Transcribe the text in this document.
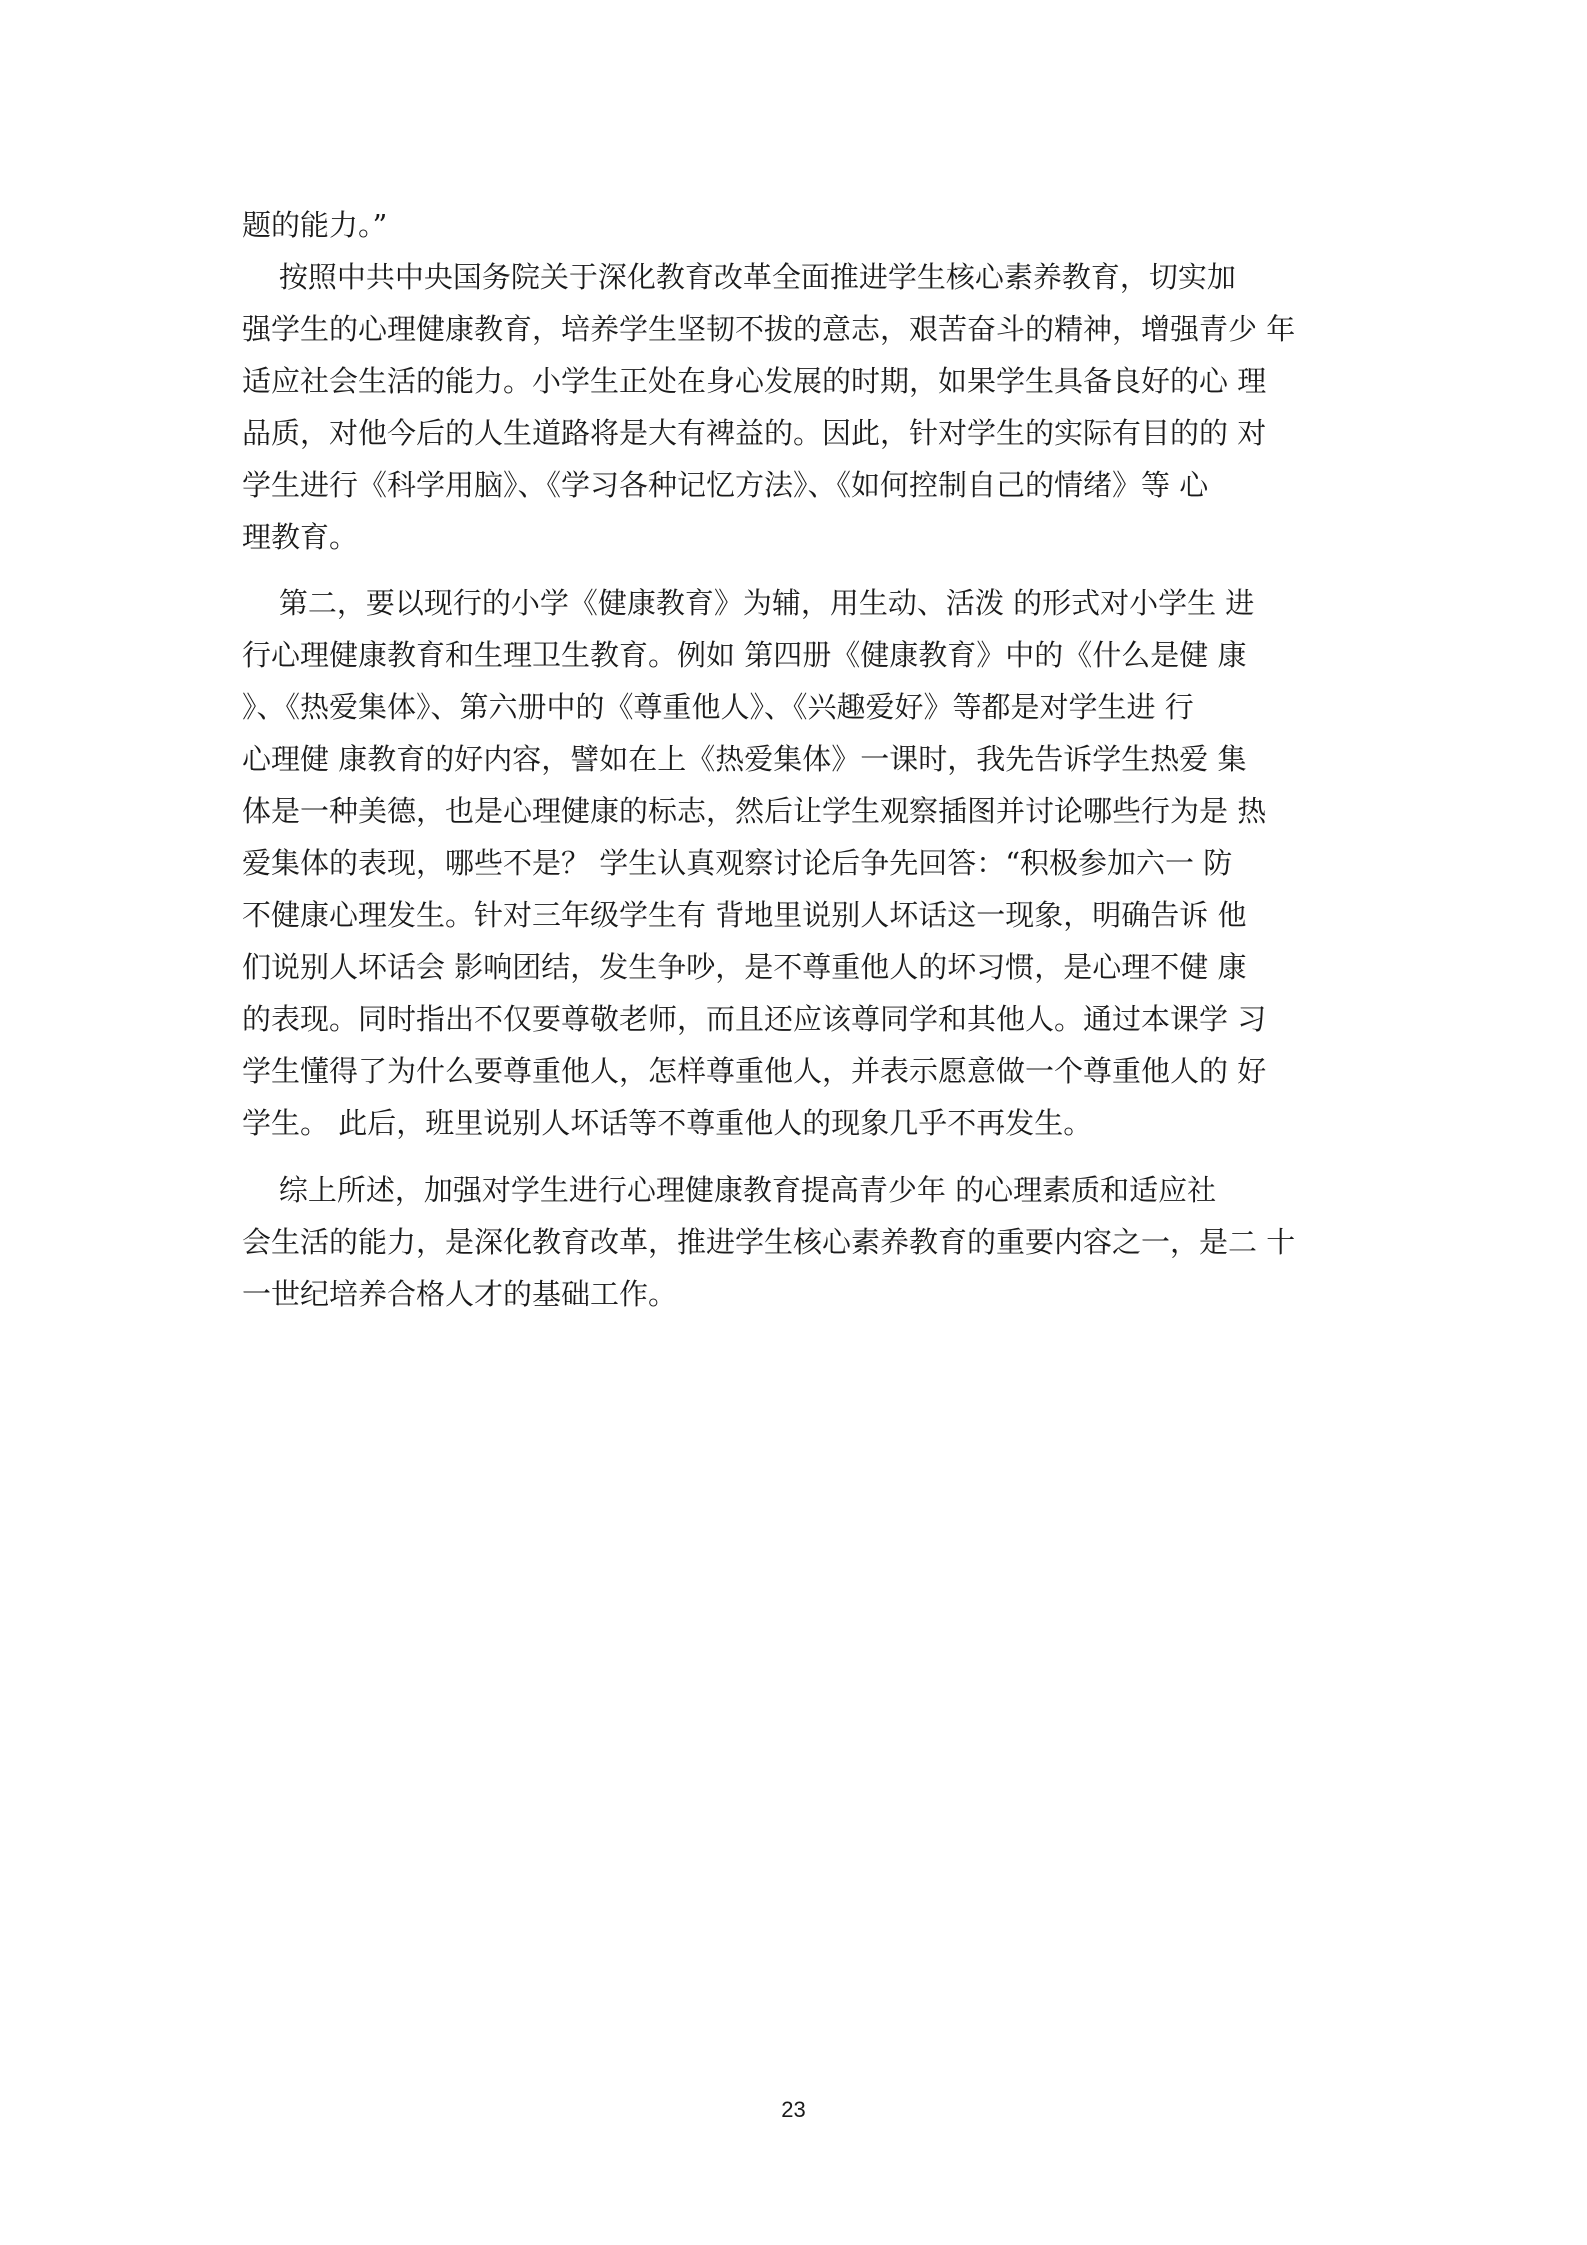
题的能力。”
按照中共中央国务院关于深化教育改革全面推进学生核心素养教育，切实加
强学生的心理健康教育，培养学生坚韧不拔的意志，艰苦奋斗的精神，增强青少 年
适应社会生活的能力。小学生正处在身心发展的时期，如果学生具备良好的心 理
品质，对他今后的人生道路将是大有裨益的。因此，针对学生的实际有目的的 对
学生进行《科学用脑》、《学习各种记忆方法》、《如何控制自己的情绪》等 心
理教育。
第二，要以现行的小学《健康教育》为辅，用生动、活泼 的形式对小学生 进
行心理健康教育和生理卫生教育。例如 第四册《健康教育》中的《什么是健 康
》、《热爱集体》、第六册中的《尊重他人》、《兴趣爱好》等都是对学生进 行
心理健 康教育的好内容，譬如在上《热爱集体》一课时，我先告诉学生热爱 集
体是一种美德，也是心理健康的标志，然后让学生观察插图并讨论哪些行为是 热
爱集体的表现，哪些不是？ 学生认真观察讨论后争先回答：“积极参加六一 防
不健康心理发生。针对三年级学生有 背地里说别人坏话这一现象，明确告诉 他
们说别人坏话会 影响团结，发生争吵，是不尊重他人的坏习惯，是心理不健 康
的表现。同时指出不仅要尊敬老师，而且还应该尊同学和其他人。通过本课学 习
学生懂得了为什么要尊重他人，怎样尊重他人，并表示愿意做一个尊重他人的 好
学生。 此后，班里说别人坏话等不尊重他人的现象几乎不再发生。
综上所述，加强对学生进行心理健康教育提高青少年 的心理素质和适应社
会生活的能力，是深化教育改革，推进学生核心素养教育的重要内容之一，是二 十
一世纪培养合格人才的基础工作。
23
